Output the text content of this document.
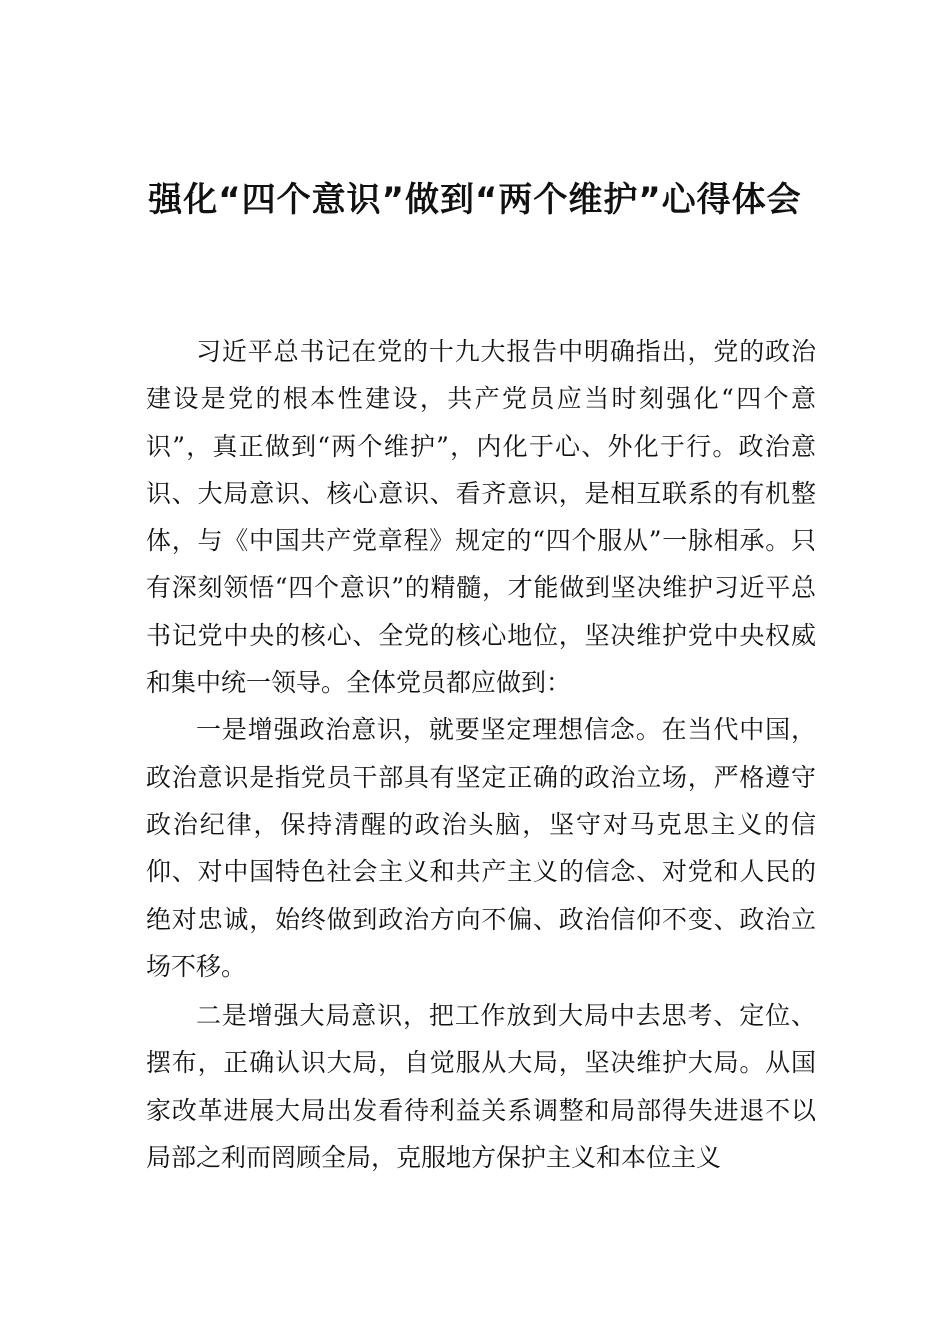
强化“四个意识”做到“两个维护”心得体会

习近平总书记在党的十九大报告中明确指出，党的政治建设是党的根本性建设，共产党员应当时刻强化“四个意识”，真正做到“两个维护”，内化于心、外化于行。政治意识、大局意识、核心意识、看齐意识，是相互联系的有机整体，与《中国共产党章程》规定的“四个服从”一脉相承。只有深刻领悟“四个意识”的精髓，才能做到坚决维护习近平总书记党中央的核心、全党的核心地位，坚决维护党中央权威和集中统一领导。全体党员都应做到：

一是增强政治意识，就要坚定理想信念。在当代中国，政治意识是指党员干部具有坚定正确的政治立场，严格遵守政治纪律，保持清醒的政治头脑，坚守对马克思主义的信仰、对中国特色社会主义和共产主义的信念、对党和人民的绝对忠诚，始终做到政治方向不偏、政治信仰不变、政治立场不移。

二是增强大局意识，把工作放到大局中去思考、定位、摆布，正确认识大局，自觉服从大局，坚决维护大局。从国家改革进展大局出发看待利益关系调整和局部得失进退不以局部之利而罔顾全局，克服地方保护主义和本位主义
